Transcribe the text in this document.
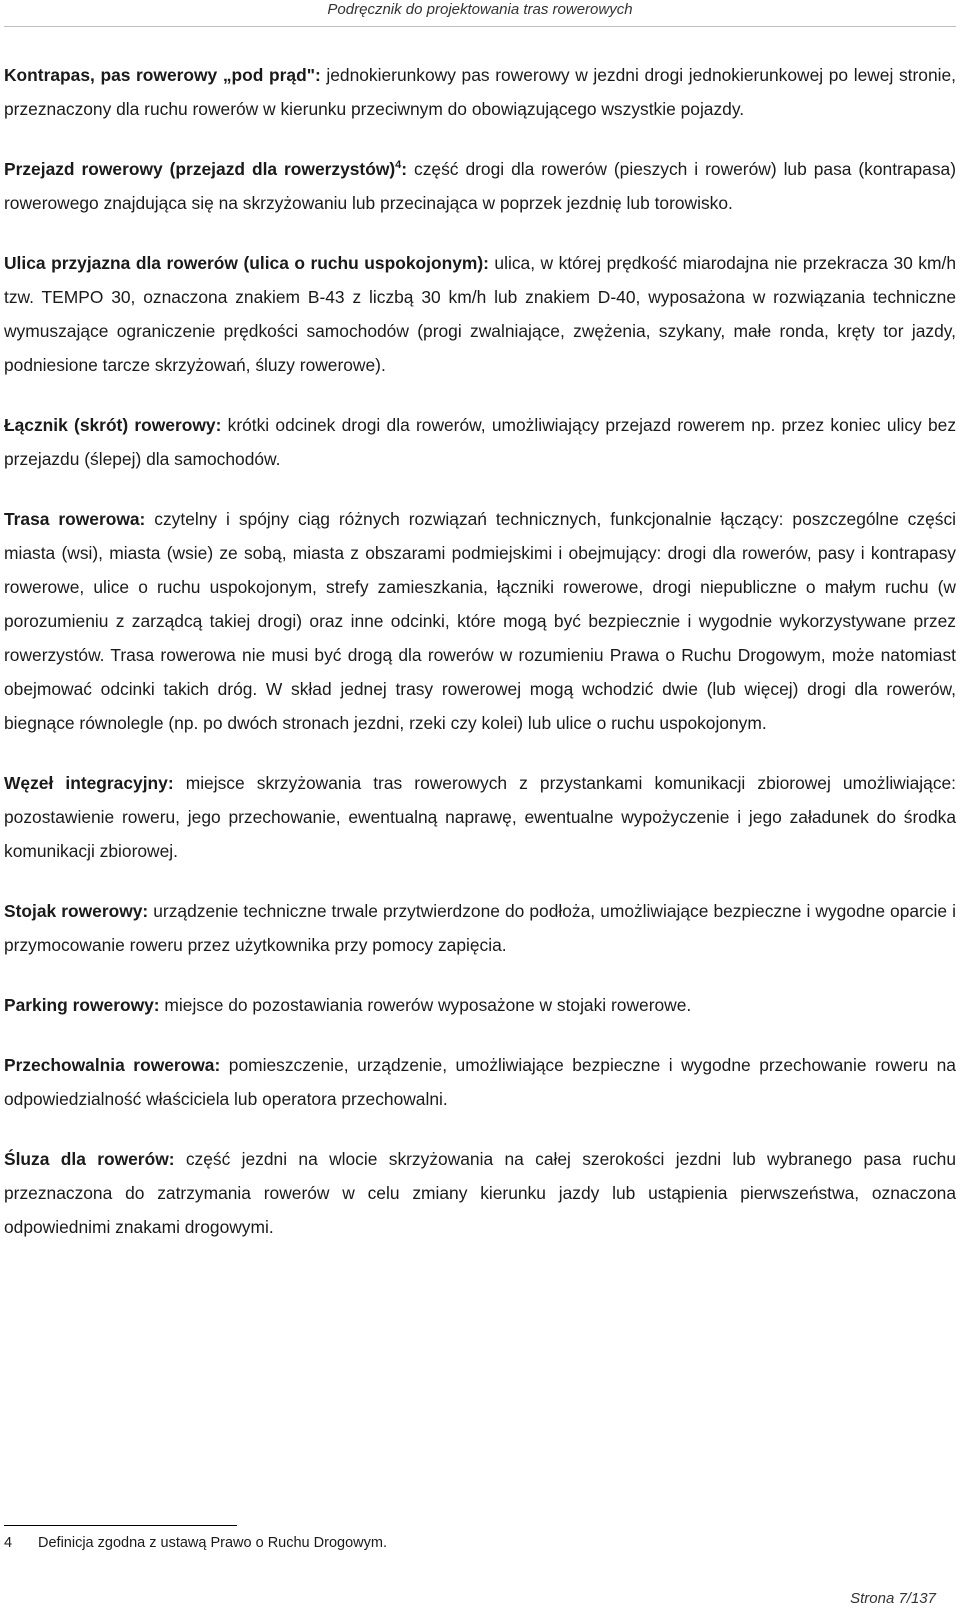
Podręcznik do projektowania tras rowerowych

Kontrapas, pas rowerowy „pod prąd": jednokierunkowy pas rowerowy w jezdni drogi jednokierunkowej po lewej stronie, przeznaczony dla ruchu rowerów w kierunku przeciwnym do obowiązującego wszystkie pojazdy.

Przejazd rowerowy (przejazd dla rowerzystów)$^4$: część drogi dla rowerów (pieszych i rowerów) lub pasa (kontrapasa) rowerowego znajdująca się na skrzyżowaniu lub przecinająca w poprzek jezdnię lub torowisko.

Ulica przyjazna dla rowerów (ulica o ruchu uspokojonym): ulica, w której prędkość miarodajna nie przekracza 30 km/h tzw. TEMPO 30, oznaczona znakiem B-43 z liczbą 30 km/h lub znakiem D-40, wyposażona w rozwiązania techniczne wymuszające ograniczenie prędkości samochodów (progi zwalniające, zwężenia, szykany, małe ronda, kręty tor jazdy, podniesione tarcze skrzyżowań, śluzy rowerowe).

Łącznik (skrót) rowerowy: krótki odcinek drogi dla rowerów, umożliwiający przejazd rowerem np. przez koniec ulicy bez przejazdu (ślepej) dla samochodów.

Trasa rowerowa: czytelny i spójny ciąg różnych rozwiązań technicznych, funkcjonalnie łączący: poszczególne części miasta (wsi), miasta (wsie) ze sobą, miasta z obszarami podmiejskimi i obejmujący: drogi dla rowerów, pasy i kontrapasy rowerowe, ulice o ruchu uspokojonym, strefy zamieszkania, łączniki rowerowe, drogi niepubliczne o małym ruchu (w porozumieniu z zarządcą takiej drogi) oraz inne odcinki, które mogą być bezpiecznie i wygodnie wykorzystywane przez rowerzystów. Trasa rowerowa nie musi być drogą dla rowerów w rozumieniu Prawa o Ruchu Drogowym, może natomiast obejmować odcinki takich dróg. W skład jednej trasy rowerowej mogą wchodzić dwie (lub więcej) drogi dla rowerów, biegnące równolegle (np. po dwóch stronach jezdni, rzeki czy kolei) lub ulice o ruchu uspokojonym.

Węzeł integracyjny: miejsce skrzyżowania tras rowerowych z przystankami komunikacji zbiorowej umożliwiające: pozostawienie roweru, jego przechowanie, ewentualną naprawę, ewentualne wypożyczenie i jego załadunek do środka komunikacji zbiorowej.

Stojak rowerowy: urządzenie techniczne trwale przytwierdzone do podłoża, umożliwiające bezpieczne i wygodne oparcie i przymocowanie roweru przez użytkownika przy pomocy zapięcia.

Parking rowerowy: miejsce do pozostawiania rowerów wyposażone w stojaki rowerowe.

Przechowalnia rowerowa: pomieszczenie, urządzenie, umożliwiające bezpieczne i wygodne przechowanie roweru na odpowiedzialność właściciela lub operatora przechowalni.

Śluza dla rowerów: część jezdni na wlocie skrzyżowania na całej szerokości jezdni lub wybranego pasa ruchu przeznaczona do zatrzymania rowerów w celu zmiany kierunku jazdy lub ustąpienia pierwszeństwa, oznaczona odpowiednimi znakami drogowymi.

4 Definicja zgodna z ustawą Prawo o Ruchu Drogowym.
Strona 7/137
